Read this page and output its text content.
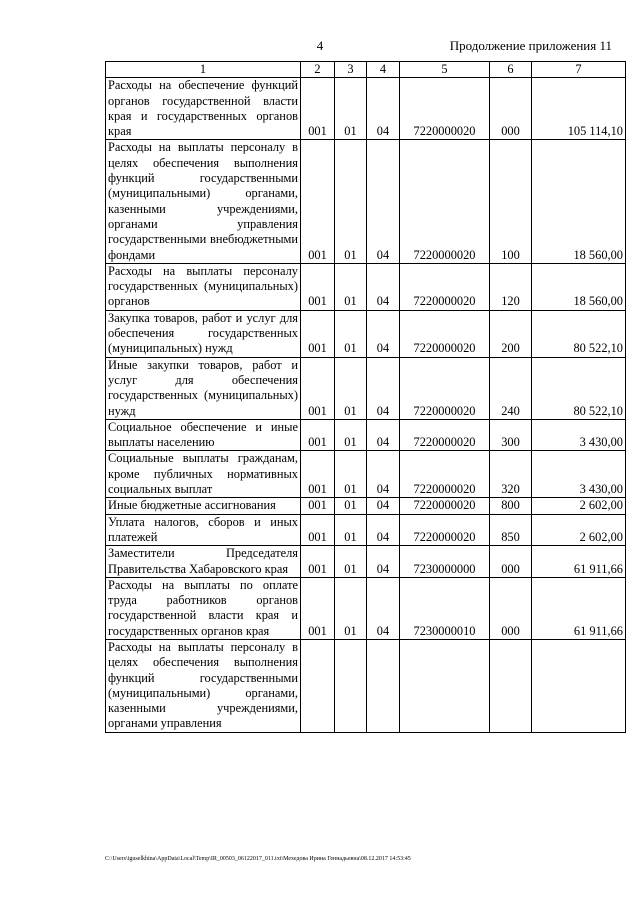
4	Продолжение приложения 11
1	2	3	4	5	6	7
Расходы на обеспечение функций органов государственной власти края и государственных органов края	001	01	04	7220000020	000	105 114,10
Расходы на выплаты персоналу в целях обеспечения выполнения функций государственными (муниципальными) органами, казенными учреждениями, органами управления государственными внебюджетными фондами	001	01	04	7220000020	100	18 560,00
Расходы на выплаты персоналу государственных (муниципальных) органов	001	01	04	7220000020	120	18 560,00
Закупка товаров, работ и услуг для обеспечения государственных (муниципальных) нужд	001	01	04	7220000020	200	80 522,10
Иные закупки товаров, работ и услуг для обеспечения государственных (муниципальных) нужд	001	01	04	7220000020	240	80 522,10
Социальное обеспечение и иные выплаты населению	001	01	04	7220000020	300	3 430,00
Социальные выплаты гражданам, кроме публичных нормативных социальных выплат	001	01	04	7220000020	320	3 430,00
Иные бюджетные ассигнования	001	01	04	7220000020	800	2 602,00
Уплата налогов, сборов и иных платежей	001	01	04	7220000020	850	2 602,00
Заместители Председателя Правительства Хабаровского края	001	01	04	7230000000	000	61 911,66
Расходы на выплаты по оплате труда работников органов государственной власти края и государственных органов края	001	01	04	7230000010	000	61 911,66
Расходы на выплаты персоналу в целях обеспечения выполнения функций государственными (муниципальными) органами, казенными учреждениями, органами управления						
C:\Users\iguselkhina\AppData\Local\Temp\IR_00503_06122017_011.txt\Мехедова Ирина Геннадьевна\08.12.2017 14:53:45
